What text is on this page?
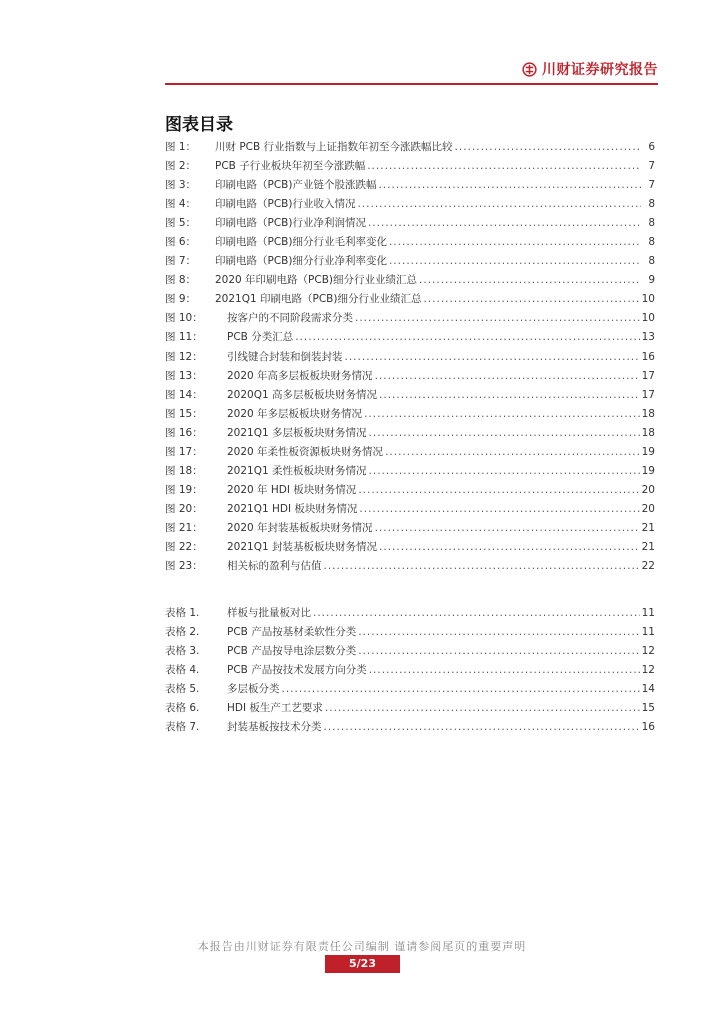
川财证券研究报告
图表目录
图 1： 川财 PCB 行业指数与上证指数年初至今涨跌幅比较 .....	6
图 2： PCB 子行业板块年初至今涨跌幅 .....	7
图 3： 印刷电路（PCB)产业链个股涨跌幅 .....	7
图 4： 印刷电路（PCB)行业收入情况 .....	8
图 5： 印刷电路（PCB)行业净利润情况 .....	8
图 6： 印刷电路（PCB)细分行业毛利率变化 .....	8
图 7： 印刷电路（PCB)细分行业净利率变化 .....	8
图 8： 2020 年印刷电路（PCB)细分行业业绩汇总 .....	9
图 9： 2021Q1 印刷电路（PCB)细分行业业绩汇总 .....	10
图 10： 按客户的不同阶段需求分类 .....	10
图 11： PCB 分类汇总 .....	13
图 12： 引线键合封装和倒装封装 .....	16
图 13： 2020 年高多层板板块财务情况 .....	17
图 14： 2020Q1 高多层板板块财务情况 .....	17
图 15： 2020 年多层板板块财务情况 .....	18
图 16： 2021Q1 多层板板块财务情况 .....	18
图 17： 2020 年柔性板资源板块财务情况 .....	19
图 18： 2021Q1 柔性板板块财务情况 .....	19
图 19： 2020 年 HDI 板块财务情况 .....	20
图 20： 2021Q1 HDI 板块财务情况 .....	20
图 21： 2020 年封装基板板块财务情况 .....	21
图 22： 2021Q1 封装基板板块财务情况 .....	21
图 23： 相关标的盈利与估值 .....	22
表格 1.	样板与批量板对比 .....	11
表格 2.	PCB 产品按基材柔软性分类 .....	11
表格 3.	PCB 产品按导电涂层数分类 .....	12
表格 4.	PCB 产品按技术发展方向分类 .....	12
表格 5.	多层板分类 .....	14
表格 6.	HDI 板生产工艺要求 .....	15
表格 7.	封装基板按技术分类 .....	16
本报告由川财证券有限责任公司编制 谨请参阅尾页的重要声明
5/23
